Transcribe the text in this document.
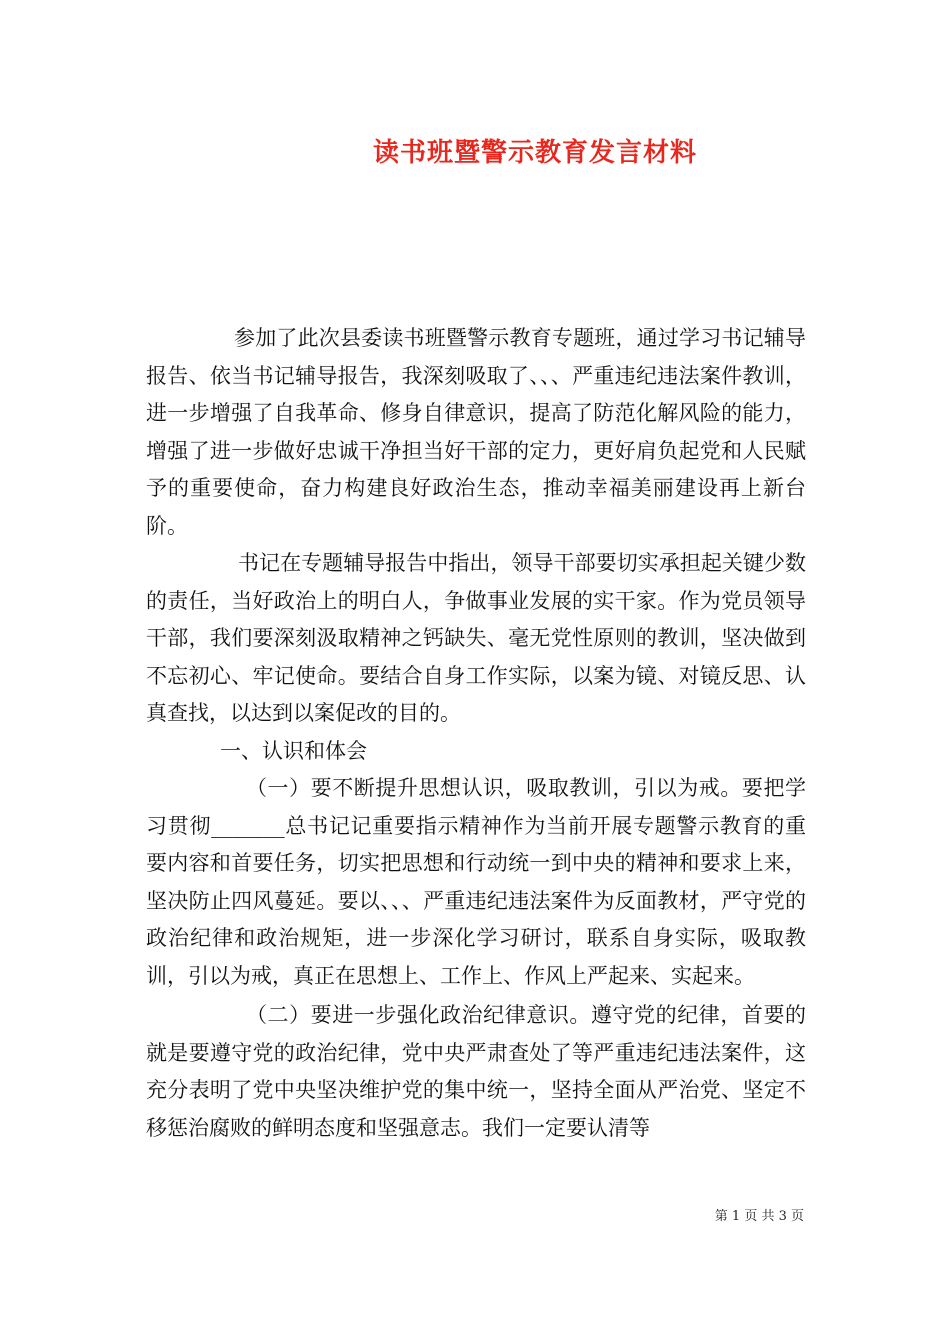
读书班暨警示教育发言材料

参加了此次县委读书班暨警示教育专题班，通过学习书记辅导报告、依当书记辅导报告，我深刻吸取了、、、严重违纪违法案件教训，进一步增强了自我革命、修身自律意识，提高了防范化解风险的能力，增强了进一步做好忠诚干净担当好干部的定力，更好肩负起党和人民赋予的重要使命，奋力构建良好政治生态，推动幸福美丽建设再上新台阶。

书记在专题辅导报告中指出，领导干部要切实承担起关键少数的责任，当好政治上的明白人，争做事业发展的实干家。作为党员领导干部，我们要深刻汲取精神之钙缺失、毫无党性原则的教训，坚决做到不忘初心、牢记使命。要结合自身工作实际，以案为镜、对镜反思、认真查找，以达到以案促改的目的。

一、认识和体会

（一）要不断提升思想认识，吸取教训，引以为戒。要把学习贯彻_______总书记记重要指示精神作为当前开展专题警示教育的重要内容和首要任务，切实把思想和行动统一到中央的精神和要求上来，坚决防止四风蔓延。要以、、、严重违纪违法案件为反面教材，严守党的政治纪律和政治规矩，进一步深化学习研讨，联系自身实际，吸取教训，引以为戒，真正在思想上、工作上、作风上严起来、实起来。

（二）要进一步强化政治纪律意识。遵守党的纪律，首要的就是要遵守党的政治纪律，党中央严肃查处了等严重违纪违法案件，这充分表明了党中央坚决维护党的集中统一，坚持全面从严治党、坚定不移惩治腐败的鲜明态度和坚强意志。我们一定要认清等

第 1 页 共 3 页
